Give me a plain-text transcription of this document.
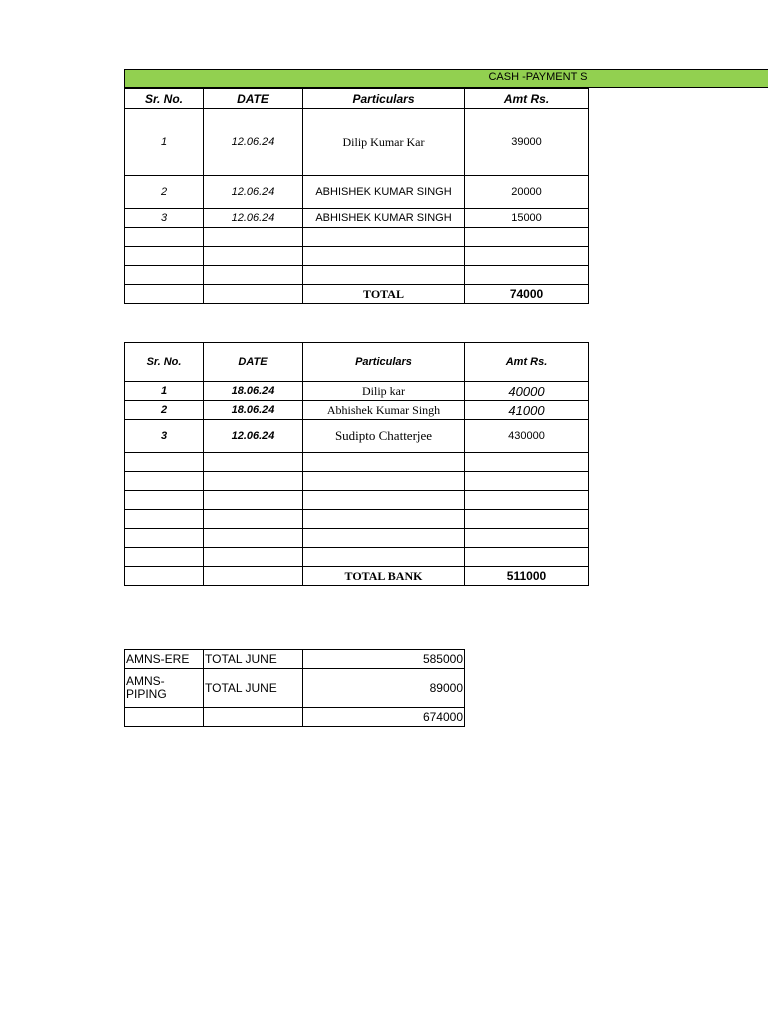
CASH -PAYMENT S
Sr. No.	DATE	Particulars	Amt Rs.
1	12.06.24	Dilip Kumar Kar	39000
2	12.06.24	ABHISHEK KUMAR SINGH	20000
3	12.06.24	ABHISHEK KUMAR SINGH	15000

		TOTAL	74000
Sr. No.	DATE	Particulars	Amt Rs.
1	18.06.24	Dilip kar	40000
2	18.06.24	Abhishek Kumar Singh	41000
3	12.06.24	Sudipto Chatterjee	430000

		TOTAL BANK	511000
AMNS-ERE	TOTAL JUNE	585000
AMNS-PIPING	TOTAL JUNE	89000
		674000
